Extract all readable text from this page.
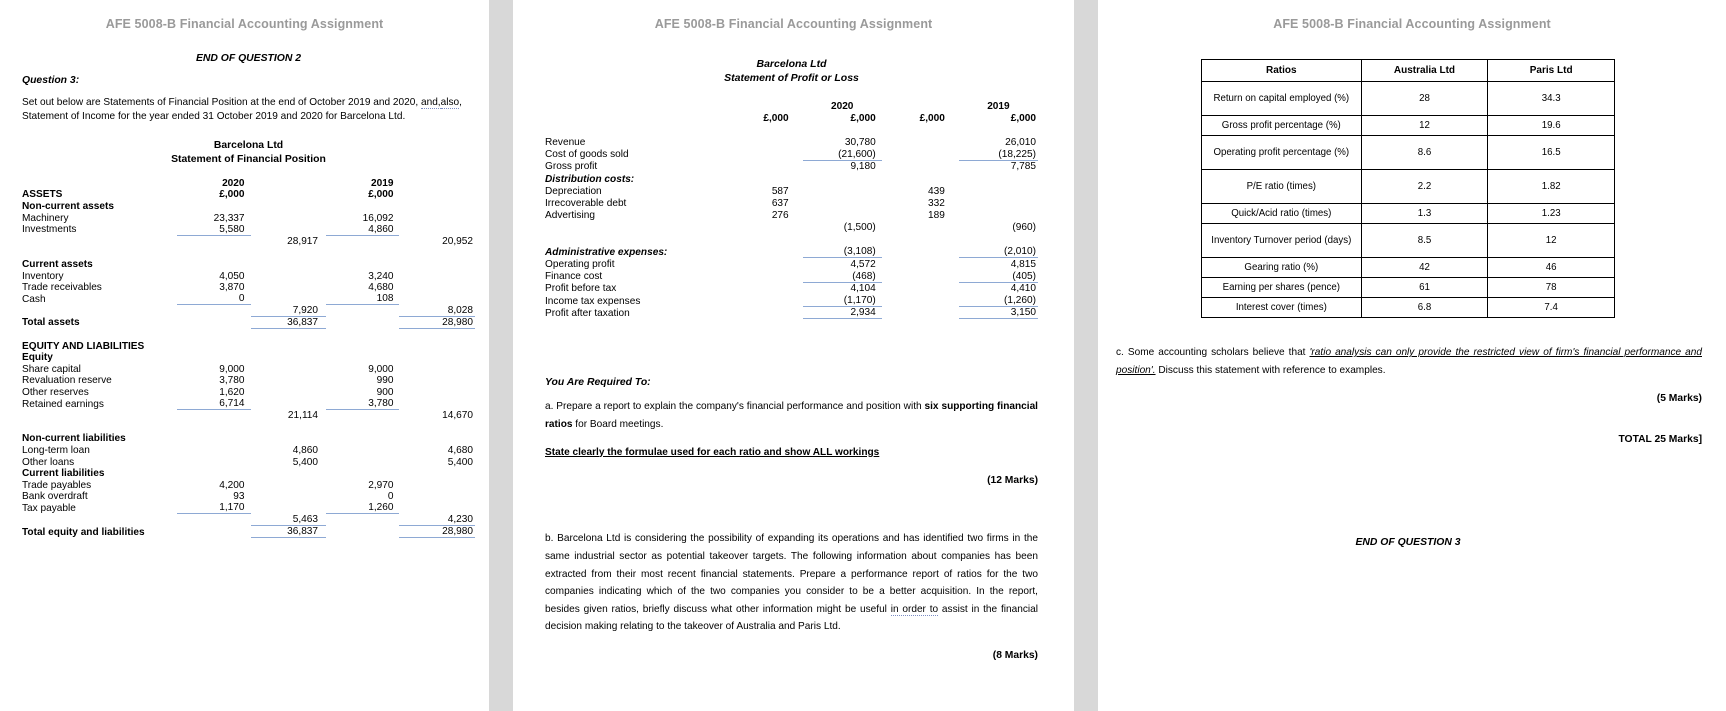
AFE 5008-B Financial Accounting Assignment
END OF QUESTION 2
Question 3:
Set out below are Statements of Financial Position at the end of October 2019 and 2020, and,also, Statement of Income for the year ended 31 October 2019 and 2020 for Barcelona Ltd.
Barcelona Ltd
Statement of Financial Position
	2020		2019	
ASSETS	£,000		£,000	
Non-current assets				
Machinery	23,337		16,092	
Investments	5,580		4,860	
		28,917		20,952

Current assets				
Inventory	4,050		3,240	
Trade receivables	3,870		4,680	
Cash	0		108	
		7,920		8,028
Total assets		36,837		28,980

EQUITY AND LIABILITIES				
Equity				
Share capital	9,000		9,000	
Revaluation reserve	3,780		990	
Other reserves	1,620		900	
Retained earnings	6,714		3,780	
		21,114		14,670

Non-current liabilities				
Long-term loan		4,860		4,680
Other loans		5,400		5,400
Current liabilities				
Trade payables	4,200		2,970	
Bank overdraft	93		0	
Tax payable	1,170		1,260	
		5,463		4,230
Total equity and liabilities		36,837		28,980
AFE 5008-B Financial Accounting Assignment
Barcelona Ltd
Statement of Profit or Loss
		2020		2019
	£,000	£,000	£,000	£,000

Revenue		30,780		26,010
Cost of goods sold		(21,600)		(18,225)
Gross profit		9,180		7,785
Distribution costs:				
Depreciation	587		439	
Irrecoverable debt	637		332	
Advertising	276		189	
		(1,500)		(960)

Administrative expenses:		(3,108)		(2,010)
Operating profit		4,572		4,815
Finance cost		(468)		(405)
Profit before tax		4,104		4,410
Income tax expenses		(1,170)		(1,260)
Profit after taxation		2,934		3,150
You Are Required To:
a. Prepare a report to explain the company's financial performance and position with six supporting financial ratios for Board meetings.
State clearly the formulae used for each ratio and show ALL workings
(12 Marks)
b. Barcelona Ltd is considering the possibility of expanding its operations and has identified two firms in the same industrial sector as potential takeover targets. The following information about companies has been extracted from their most recent financial statements. Prepare a performance report of ratios for the two companies indicating which of the two companies you consider to be a better acquisition. In the report, besides given ratios, briefly discuss what other information might be useful in order to assist in the financial decision making relating to the takeover of Australia and Paris Ltd.
(8 Marks)
AFE 5008-B Financial Accounting Assignment
Ratios	Australia Ltd	Paris Ltd
Return on capital employed (%)	28	34.3
Gross profit percentage (%)	12	19.6
Operating profit percentage (%)	8.6	16.5
P/E ratio (times)	2.2	1.82
Quick/Acid ratio (times)	1.3	1.23
Inventory Turnover period (days)	8.5	12
Gearing ratio (%)	42	46
Earning per shares (pence)	61	78
Interest cover (times)	6.8	7.4
c. Some accounting scholars believe that 'ratio analysis can only provide the restricted view of firm's financial performance and position'. Discuss this statement with reference to examples.
(5 Marks)
TOTAL 25 Marks]
END OF QUESTION 3
